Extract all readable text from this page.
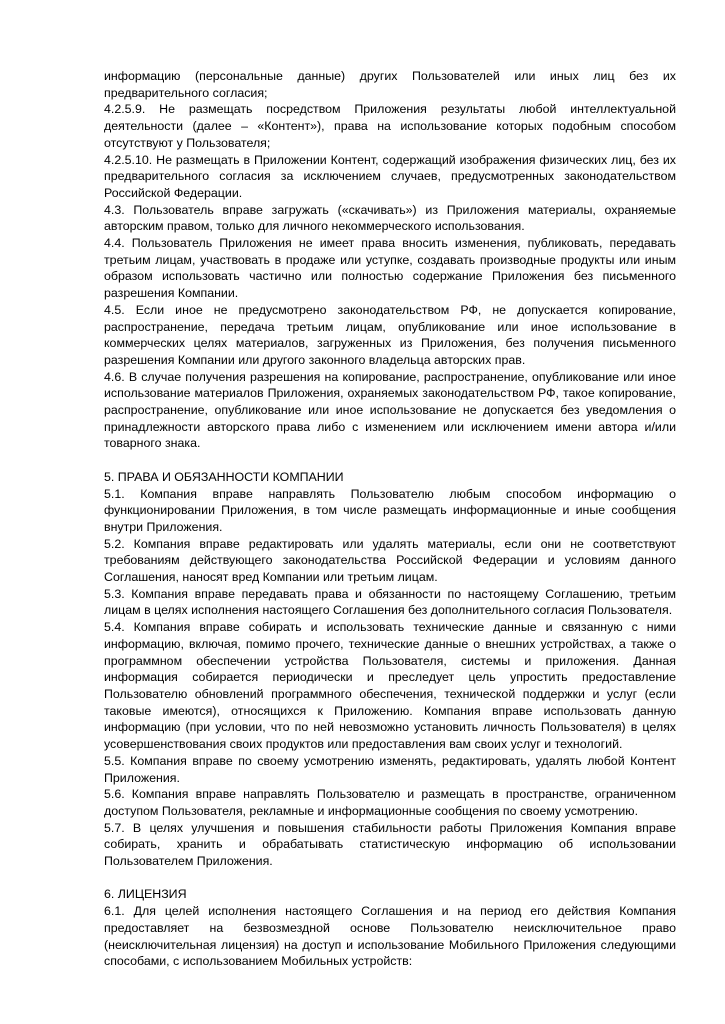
информацию (персональные данные) других Пользователей или иных лиц без их предварительного согласия;

4.2.5.9. Не размещать посредством Приложения результаты любой интеллектуальной деятельности (далее – «Контент»), права на использование которых подобным способом отсутствуют у Пользователя;

4.2.5.10. Не размещать в Приложении Контент, содержащий изображения физических лиц, без их предварительного согласия за исключением случаев, предусмотренных законодательством Российской Федерации.

4.3. Пользователь вправе загружать («скачивать») из Приложения материалы, охраняемые авторским правом, только для личного некоммерческого использования.

4.4. Пользователь Приложения не имеет права вносить изменения, публиковать, передавать третьим лицам, участвовать в продаже или уступке, создавать производные продукты или иным образом использовать частично или полностью содержание Приложения без письменного разрешения Компании.

4.5. Если иное не предусмотрено законодательством РФ, не допускается копирование, распространение, передача третьим лицам, опубликование или иное использование в коммерческих целях материалов, загруженных из Приложения, без получения письменного разрешения Компании или другого законного владельца авторских прав.

4.6. В случае получения разрешения на копирование, распространение, опубликование или иное использование материалов Приложения, охраняемых законодательством РФ, такое копирование, распространение, опубликование или иное использование не допускается без уведомления о принадлежности авторского права либо с изменением или исключением имени автора и/или товарного знака.

5. ПРАВА И ОБЯЗАННОСТИ КОМПАНИИ

5.1. Компания вправе направлять Пользователю любым способом информацию о функционировании Приложения, в том числе размещать информационные и иные сообщения внутри Приложения.

5.2. Компания вправе редактировать или удалять материалы, если они не соответствуют требованиям действующего законодательства Российской Федерации и условиям данного Соглашения, наносят вред Компании или третьим лицам.

5.3. Компания вправе передавать права и обязанности по настоящему Соглашению, третьим лицам в целях исполнения настоящего Соглашения без дополнительного согласия Пользователя.

5.4. Компания вправе собирать и использовать технические данные и связанную с ними информацию, включая, помимо прочего, технические данные о внешних устройствах, а также о программном обеспечении устройства Пользователя, системы и приложения. Данная информация собирается периодически и преследует цель упростить предоставление Пользователю обновлений программного обеспечения, технической поддержки и услуг (если таковые имеются), относящихся к Приложению. Компания вправе использовать данную информацию (при условии, что по ней невозможно установить личность Пользователя) в целях усовершенствования своих продуктов или предоставления вам своих услуг и технологий.

5.5. Компания вправе по своему усмотрению изменять, редактировать, удалять любой Контент Приложения.

5.6. Компания вправе направлять Пользователю и размещать в пространстве, ограниченном доступом Пользователя, рекламные и информационные сообщения по своему усмотрению.

5.7. В целях улучшения и повышения стабильности работы Приложения Компания вправе собирать, хранить и обрабатывать статистическую информацию об использовании Пользователем Приложения.

6. ЛИЦЕНЗИЯ

6.1. Для целей исполнения настоящего Соглашения и на период его действия Компания предоставляет на безвозмездной основе Пользователю неисключительное право (неисключительная лицензия) на доступ и использование Мобильного Приложения следующими способами, с использованием Мобильных устройств:
